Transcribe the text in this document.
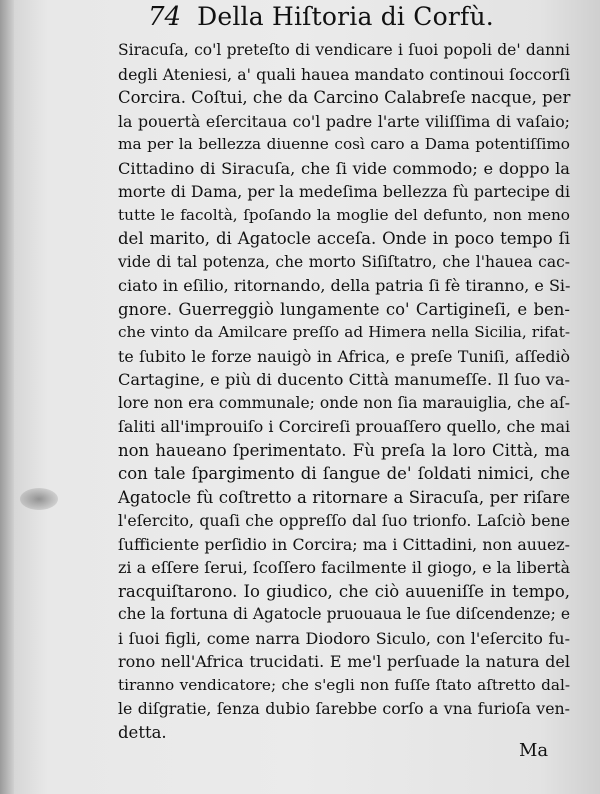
74 Della Hiſtoria di Corfù.
Siracuſa, co'l preteſto di vendicare i ſuoi popoli de' danni
degli Ateniesi, a' quali hauea mandato continoui ſoccorſi
Corcira. Coſtui, che da Carcino Calabreſe nacque, per
la pouertà eſercitaua co'l padre l'arte viliſſima di vaſaio;
ma per la bellezza diuenne così caro a Dama potentiſſimo
Cittadino di Siracuſa, che ſi vide commodo; e doppo la
morte di Dama, per la medeſima bellezza fù partecipe di
tutte le facoltà, ſpoſando la moglie del defunto, non meno
del marito, di Agatocle acceſa. Onde in poco tempo ſi
vide di tal potenza, che morto Siſiſtatro, che l'hauea cac-
ciato in eſilio, ritornando, della patria ſi fè tiranno, e Si-
gnore. Guerreggiò lungamente co' Cartigineſi, e ben-
che vinto da Amilcare preſſo ad Himera nella Sicilia, rifat-
te ſubito le forze nauigò in Africa, e preſe Tuniſi, aſſediò
Cartagine, e più di ducento Città manumeſſe. Il ſuo va-
lore non era communale; onde non ſia marauiglia, che aſ-
ſaliti all'improuiſo i Corcireſi prouaſſero quello, che mai
non haueano ſperimentato. Fù preſa la loro Città, ma
con tale ſpargimento di ſangue de' ſoldati nimici, che
Agatocle fù coſtretto a ritornare a Siracuſa, per riſare
l'eſercito, quaſi che oppreſſo dal ſuo trionfo. Laſciò bene
ſufficiente perſidio in Corcira; ma i Cittadini, non auuez-
zi a eſſere ſerui, ſcoſſero facilmente il giogo, e la libertà
racquiſtarono. Io giudico, che ciò auueniſſe in tempo,
che la fortuna di Agatocle pruouaua le ſue diſcendenze; e
i ſuoi figli, come narra Diodoro Siculo, con l'eſercito fu-
rono nell'Africa trucidati. E me'l perſuade la natura del
tiranno vendicatore; che s'egli non fuſſe ſtato aſtretto dal-
le diſgratie, ſenza dubio ſarebbe corſo a vna furioſa ven-
detta.
Ma
